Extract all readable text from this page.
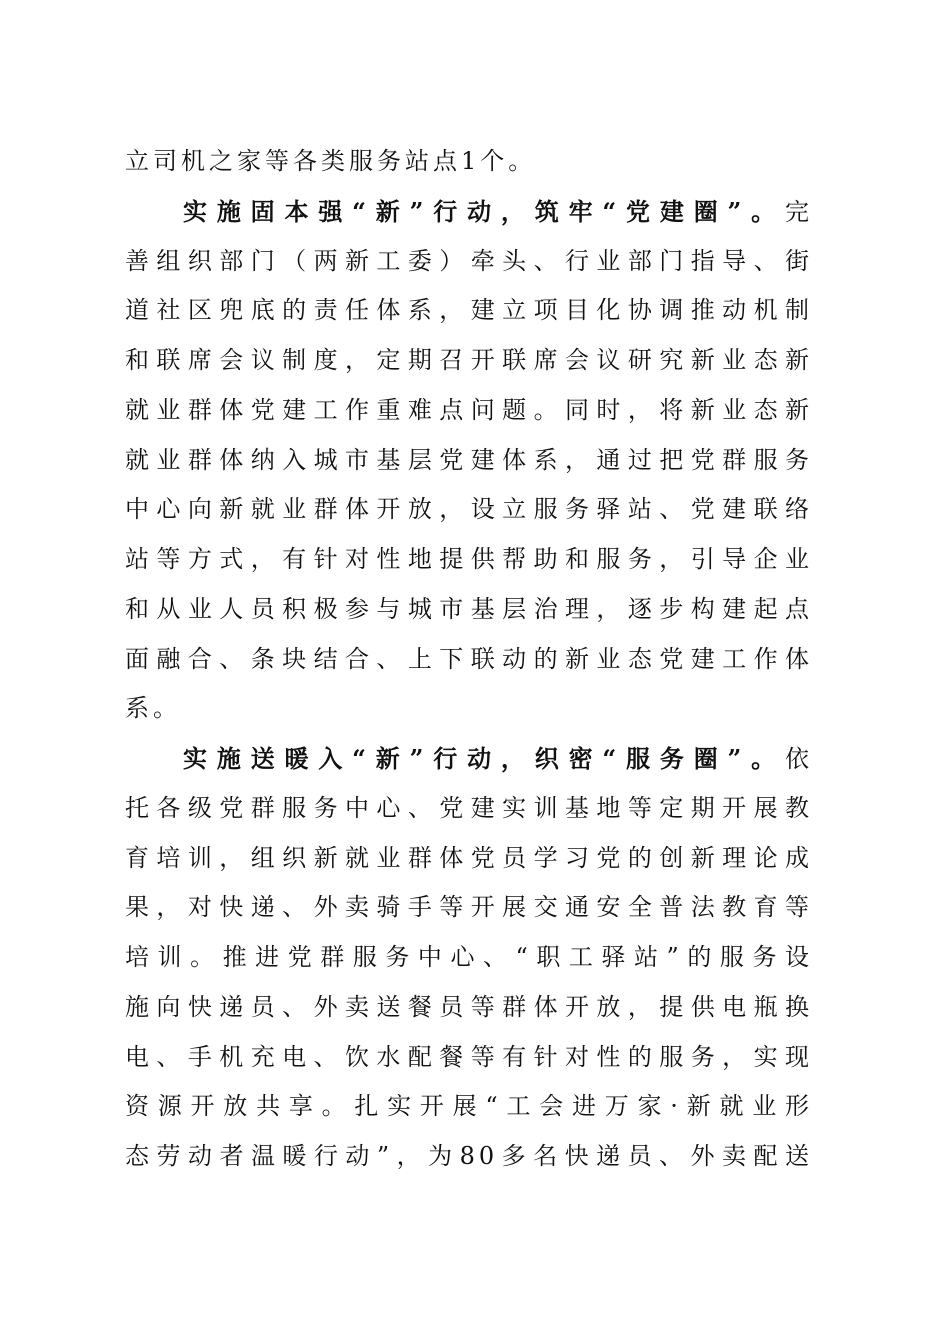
立司机之家等各类服务站点1个。
实施固本强“新”行动，筑牢“党建圈”。完
善组织部门（两新工委）牵头、行业部门指导、街
道社区兜底的责任体系，建立项目化协调推动机制
和联席会议制度，定期召开联席会议研究新业态新
就业群体党建工作重难点问题。同时，将新业态新
就业群体纳入城市基层党建体系，通过把党群服务
中心向新就业群体开放，设立服务驿站、党建联络
站等方式，有针对性地提供帮助和服务，引导企业
和从业人员积极参与城市基层治理，逐步构建起点
面融合、条块结合、上下联动的新业态党建工作体
系。
实施送暖入“新”行动，织密“服务圈”。依
托各级党群服务中心、党建实训基地等定期开展教
育培训，组织新就业群体党员学习党的创新理论成
果，对快递、外卖骑手等开展交通安全普法教育等
培训。推进党群服务中心、“职工驿站”的服务设
施向快递员、外卖送餐员等群体开放，提供电瓶换
电、手机充电、饮水配餐等有针对性的服务，实现
资源开放共享。扎实开展“工会进万家·新就业形
态劳动者温暖行动”，为80多名快递员、外卖配送
